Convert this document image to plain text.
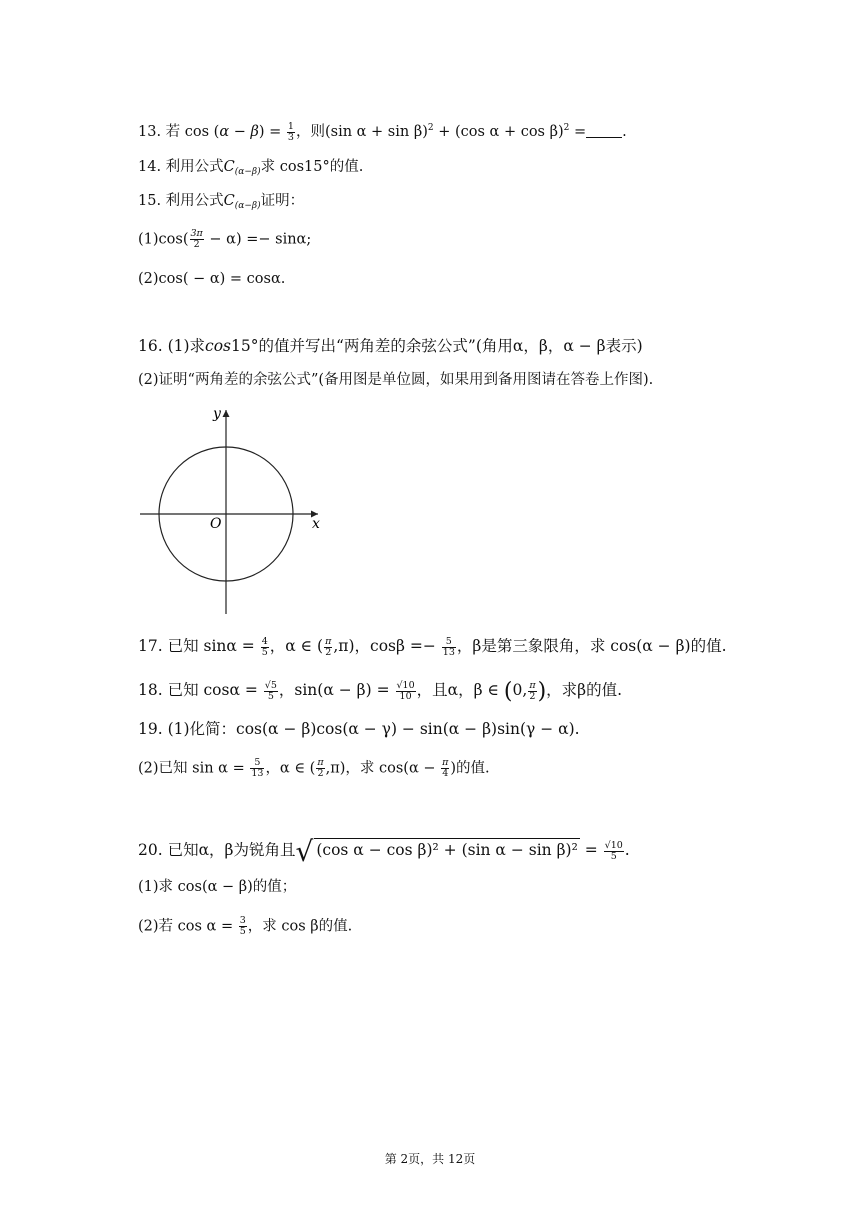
13. 若 $\cos (\alpha - \beta) = \frac{1}{3}$ ，则(sin α + sin β)$^2$ + (cos α + cos β)$^2$ = .
14. 利用公式$C_{(\alpha-\beta)}$求 cos15°的值.
15. 利用公式$C_{(\alpha-\beta)}$证明：
$(1)\cos( \frac{3\pi}{2} - \alpha) =- \sin\alpha$;
(2)cos( − α) = cosα.
16. (1)求cos15°的值并写出“两角差的余弦公式”(角用α，β，α − β表示)
(2)证明“两角差的余弦公式”(备用图是单位圆，如果用到备用图请在答卷上作图).
y
x
O
17. 已知 $\sin\alpha = \frac{4}{5}$ ，α ∈ ( $\frac{\pi}{2} ,\pi$)，$\cos\beta =- \frac{5}{13}$ ，β是第三象限角，求 cos(α − β)的值.
18. 已知 $\cos\alpha = \frac{√5}{5}$ ，$\sin(\alpha - \beta) = \frac{√10}{10}$ ，且α，β ∈ (0, $\frac{\pi}{2}$ )，求β的值.
19. (1)化简：cos(α − β)cos(α − γ) − sin(α − β)sin(γ − α).
(2)已知 $\sin \alpha = \frac{5}{13}$ ，α ∈ ( $\frac{\pi}{2} ,\pi$)，求 $\cos(\alpha - \frac{\pi}{4}$ )的值.
20. 已知α，β为锐角且√ (cos α − cos β)² + (sin $\alpha - \sin \beta)^2 = \frac{√10}{5}$ .
(1)求 cos(α − β)的值；
(2)若 $\cos \alpha = \frac{3}{5}$ ，求 cos β的值.
第 2页，共 12页
